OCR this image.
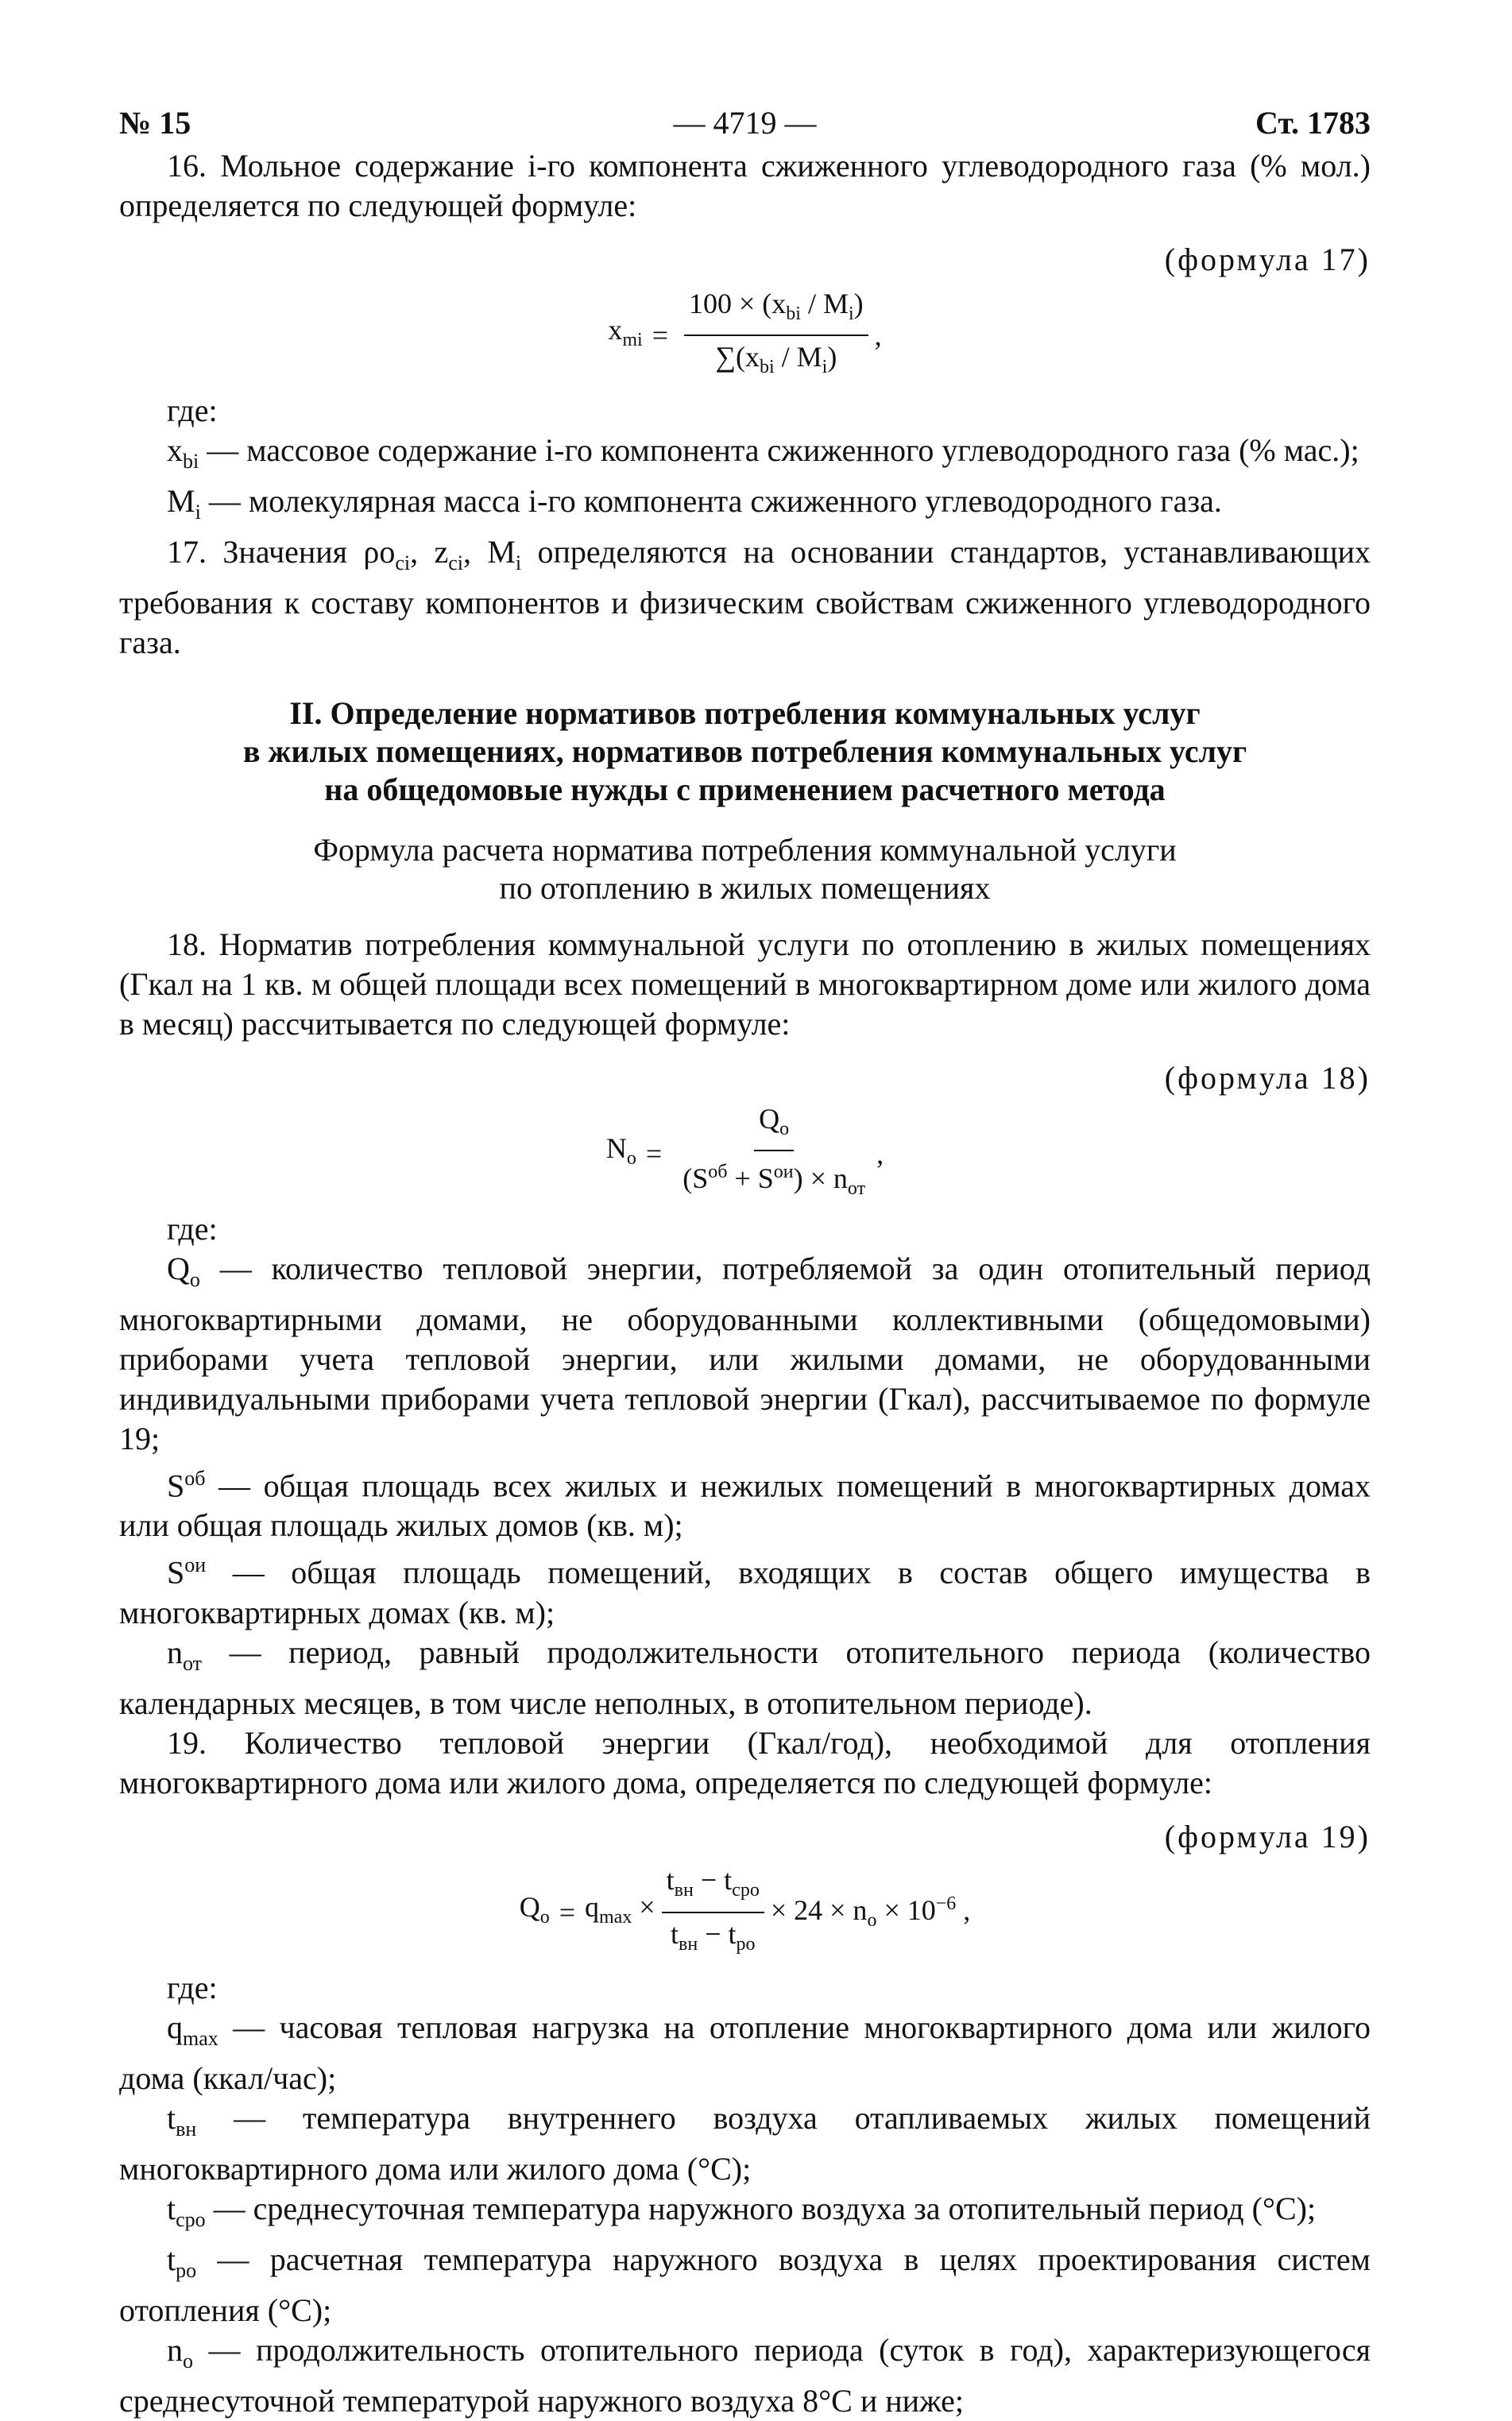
№ 15	— 4719 —	Ст. 1783

16. Мольное содержание i-го компонента сжиженного углеводородного газа (% мол.) определяется по следующей формуле:

(формула 17)
$x_{mi} = \frac{100 \times (x_{bi} / M_i)}{\sum(x_{bi} / M_i)}$ ,

где:

$x_{bi}$ — массовое содержание i-го компонента сжиженного углеводородного газа (% мас.);

$M_i$ — молекулярная масса i-го компонента сжиженного углеводородного газа.

17. Значения $\rho o_{ci}$, $z_{ci}$, $M_i$ определяются на основании стандартов, устанавливающих требования к составу компонентов и физическим свойствам сжиженного углеводородного газа.

II. Определение нормативов потребления коммунальных услуг
в жилых помещениях, нормативов потребления коммунальных услуг
на общедомовые нужды с применением расчетного метода
Формула расчета норматива потребления коммунальной услуги
по отоплению в жилых помещениях

18. Норматив потребления коммунальной услуги по отоплению в жилых помещениях (Гкал на 1 кв. м общей площади всех помещений в многоквартирном доме или жилого дома в месяц) рассчитывается по следующей формуле:

(формула 18)
$N_o = \frac{Q_o}{(S^{об} + S^{ои}) \times n_{от}}$ ,

где:

$Q_o$ — количество тепловой энергии, потребляемой за один отопительный период многоквартирными домами, не оборудованными коллективными (общедомовыми) приборами учета тепловой энергии, или жилыми домами, не оборудованными индивидуальными приборами учета тепловой энергии (Гкал), рассчитываемое по формуле 19;

$S^{об}$ — общая площадь всех жилых и нежилых помещений в многоквартирных домах или общая площадь жилых домов (кв. м);

$S^{ои}$ — общая площадь помещений, входящих в состав общего имущества в многоквартирных домах (кв. м);

$n_{от}$ — период, равный продолжительности отопительного периода (количество календарных месяцев, в том числе неполных, в отопительном периоде).

19. Количество тепловой энергии (Гкал/год), необходимой для отопления многоквартирного дома или жилого дома, определяется по следующей формуле:

(формула 19)
$Q_o = q_{max} \times \frac{t_{вн} - t_{cpo}}{t_{вн} - t_{po}} \times 24 \times n_o \times 10^{-6}$ ,

где:

$q_{max}$ — часовая тепловая нагрузка на отопление многоквартирного дома или жилого дома (ккал/час);

$t_{вн}$ — температура внутреннего воздуха отапливаемых жилых помещений многоквартирного дома или жилого дома (°C);

$t_{cpo}$ — среднесуточная температура наружного воздуха за отопительный период (°C);

$t_{po}$ — расчетная температура наружного воздуха в целях проектирования систем отопления (°C);

$n_o$ — продолжительность отопительного периода (суток в год), характеризующегося среднесуточной температурой наружного воздуха 8°C и ниже;
